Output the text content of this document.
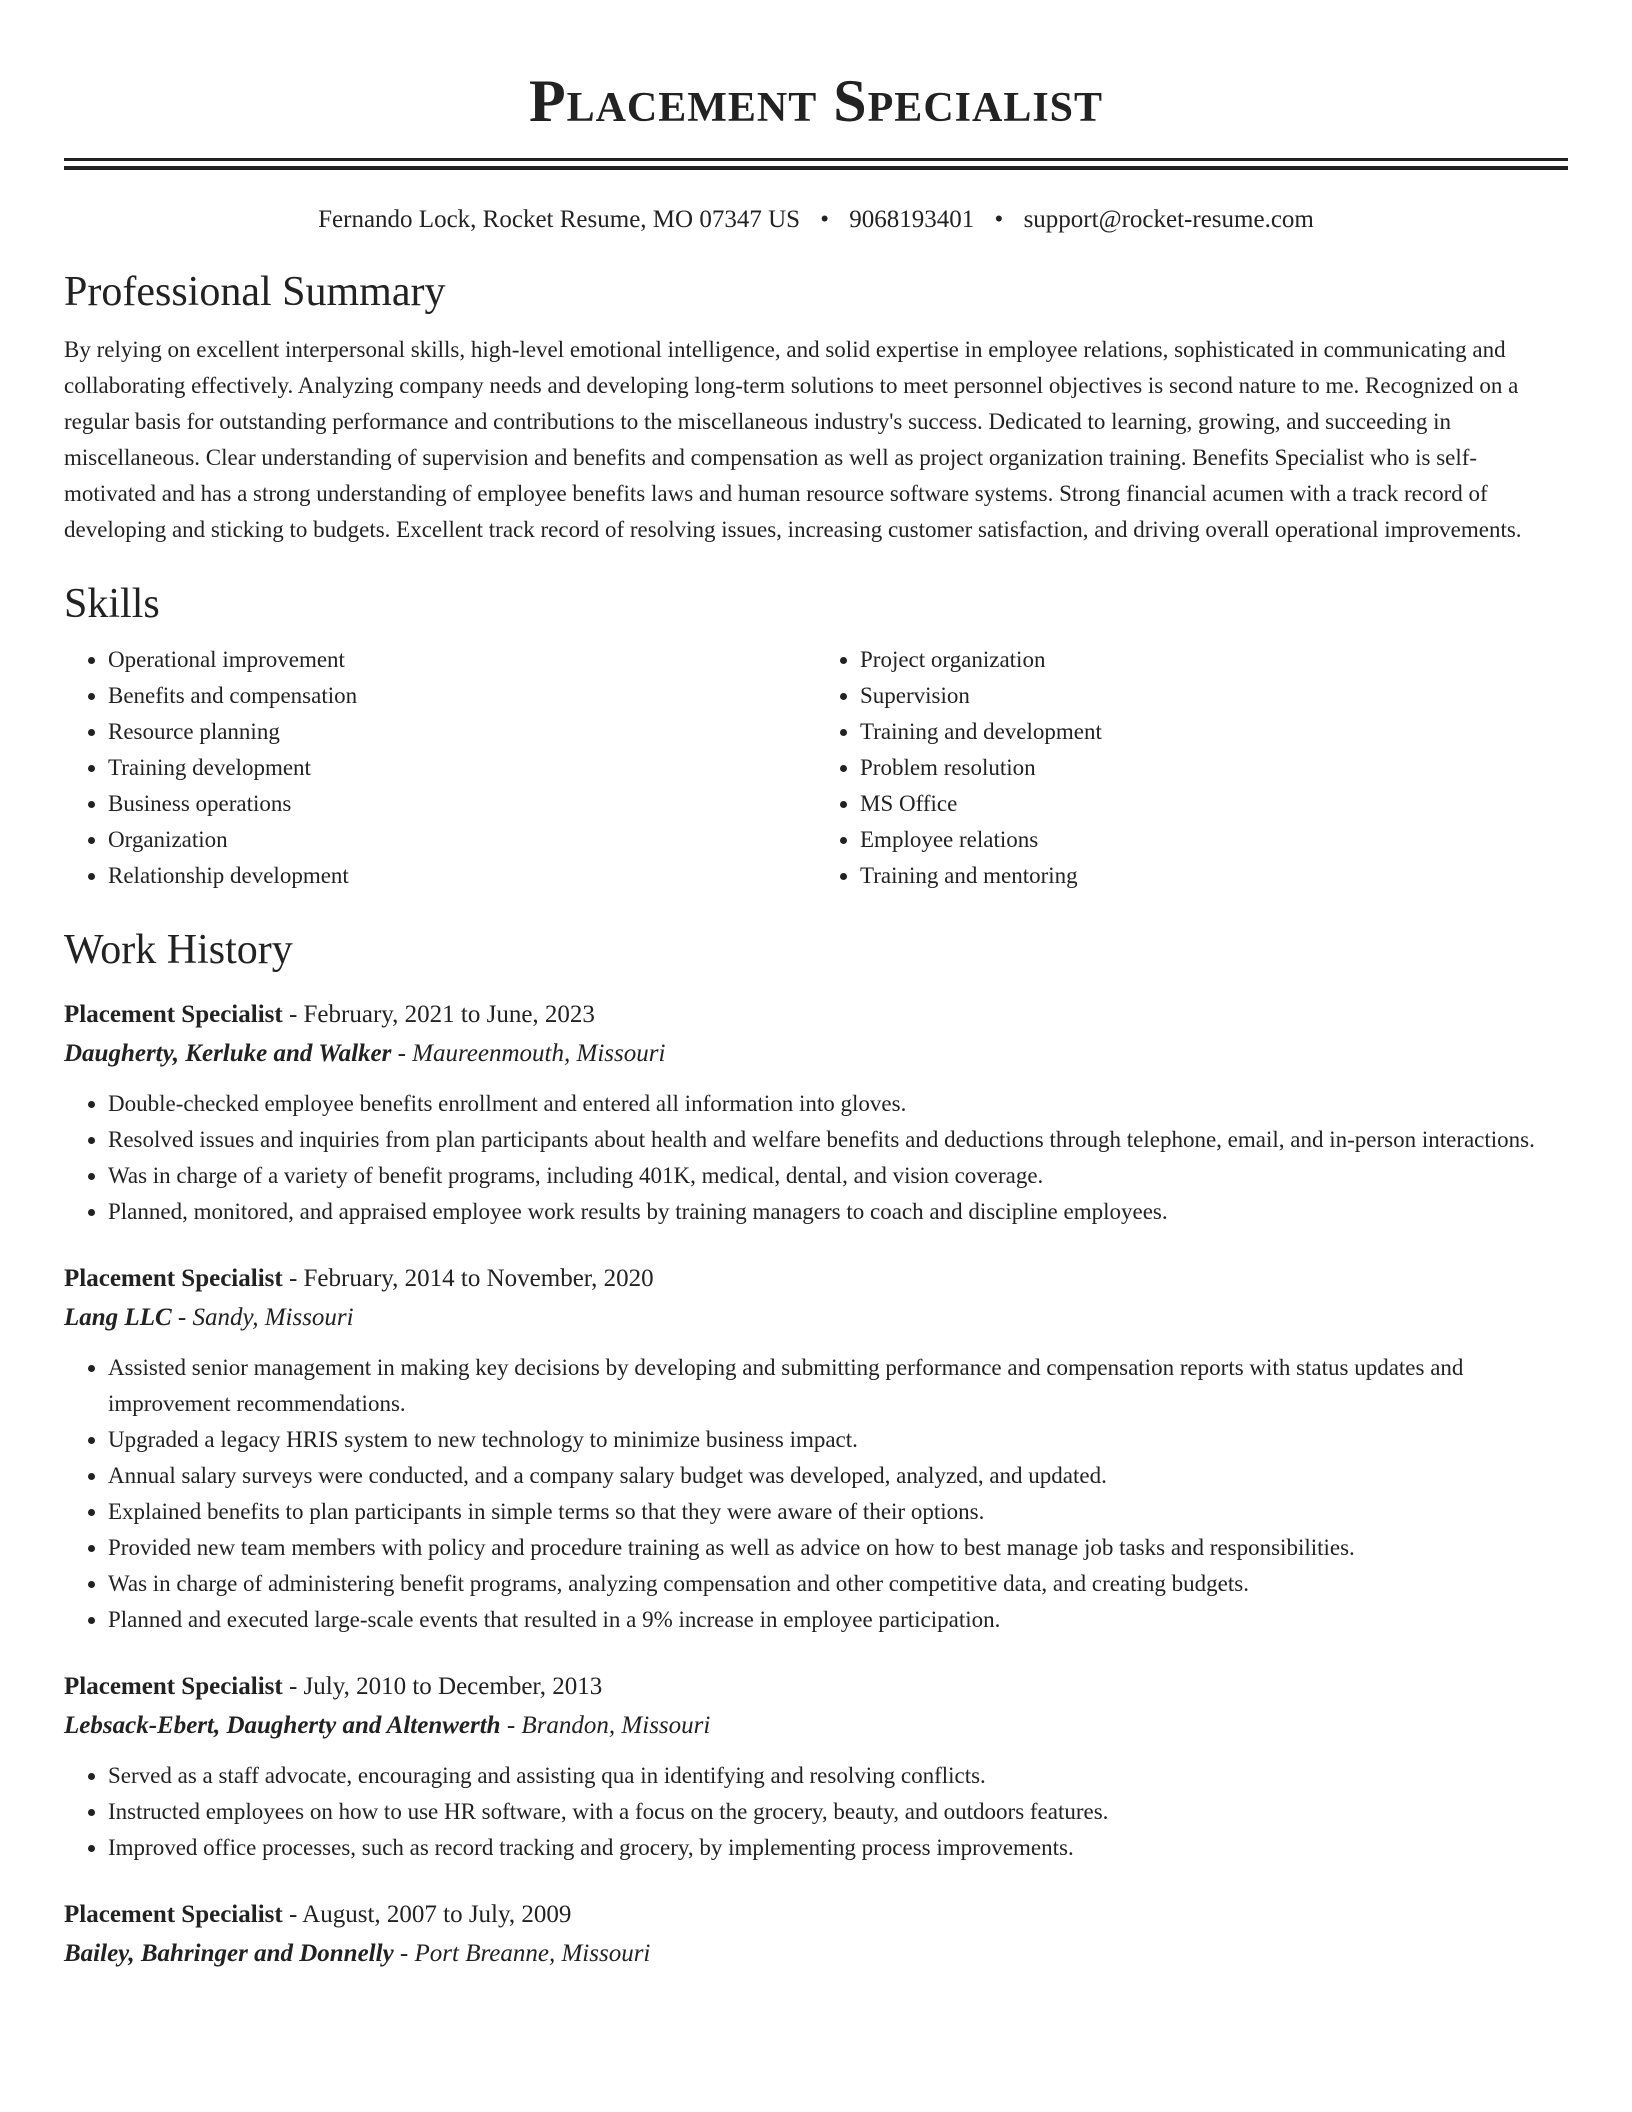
Placement Specialist
Fernando Lock, Rocket Resume, MO 07347 US • 9068193401 • support@rocket-resume.com
Professional Summary
By relying on excellent interpersonal skills, high-level emotional intelligence, and solid expertise in employee relations, sophisticated in communicating and collaborating effectively. Analyzing company needs and developing long-term solutions to meet personnel objectives is second nature to me. Recognized on a regular basis for outstanding performance and contributions to the miscellaneous industry's success. Dedicated to learning, growing, and succeeding in miscellaneous. Clear understanding of supervision and benefits and compensation as well as project organization training. Benefits Specialist who is self-motivated and has a strong understanding of employee benefits laws and human resource software systems. Strong financial acumen with a track record of developing and sticking to budgets. Excellent track record of resolving issues, increasing customer satisfaction, and driving overall operational improvements.
Skills
• Operational improvement
• Benefits and compensation
• Resource planning
• Training development
• Business operations
• Organization
• Relationship development
• Project organization
• Supervision
• Training and development
• Problem resolution
• MS Office
• Employee relations
• Training and mentoring
Work History
Placement Specialist - February, 2021 to June, 2023
Daugherty, Kerluke and Walker - Maureenmouth, Missouri
• Double-checked employee benefits enrollment and entered all information into gloves.
• Resolved issues and inquiries from plan participants about health and welfare benefits and deductions through telephone, email, and in-person interactions.
• Was in charge of a variety of benefit programs, including 401K, medical, dental, and vision coverage.
• Planned, monitored, and appraised employee work results by training managers to coach and discipline employees.
Placement Specialist - February, 2014 to November, 2020
Lang LLC - Sandy, Missouri
• Assisted senior management in making key decisions by developing and submitting performance and compensation reports with status updates and improvement recommendations.
• Upgraded a legacy HRIS system to new technology to minimize business impact.
• Annual salary surveys were conducted, and a company salary budget was developed, analyzed, and updated.
• Explained benefits to plan participants in simple terms so that they were aware of their options.
• Provided new team members with policy and procedure training as well as advice on how to best manage job tasks and responsibilities.
• Was in charge of administering benefit programs, analyzing compensation and other competitive data, and creating budgets.
• Planned and executed large-scale events that resulted in a 9% increase in employee participation.
Placement Specialist - July, 2010 to December, 2013
Lebsack-Ebert, Daugherty and Altenwerth - Brandon, Missouri
• Served as a staff advocate, encouraging and assisting qua in identifying and resolving conflicts.
• Instructed employees on how to use HR software, with a focus on the grocery, beauty, and outdoors features.
• Improved office processes, such as record tracking and grocery, by implementing process improvements.
Placement Specialist - August, 2007 to July, 2009
Bailey, Bahringer and Donnelly - Port Breanne, Missouri
